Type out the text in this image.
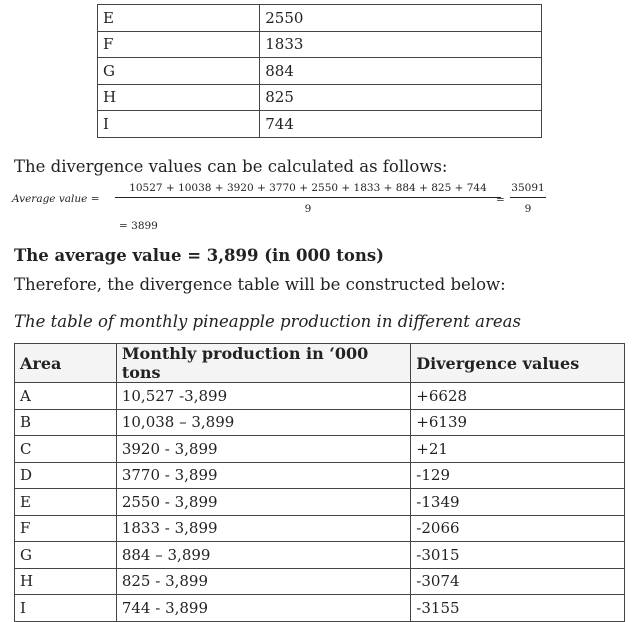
E	2550
F	1833
G	884
H	825
I	744
The divergence values can be calculated as follows:
Average value =
10527 + 10038 + 3920 + 3770 + 2550 + 1833 + 884 + 825 + 744
9
=
35091
9
= 3899
The average value = 3,899 (in 000 tons)
Therefore, the divergence table will be constructed below:
The table of monthly pineapple production in different areas
Area	Monthly production in ‘000 tons	Divergence values
A	10,527 -3,899	+6628
B	10,038 – 3,899	+6139
C	3920 - 3,899	+21
D	3770 - 3,899	-129
E	2550 - 3,899	-1349
F	1833 - 3,899	-2066
G	884 – 3,899	-3015
H	825 - 3,899	-3074
I	744 - 3,899	-3155
